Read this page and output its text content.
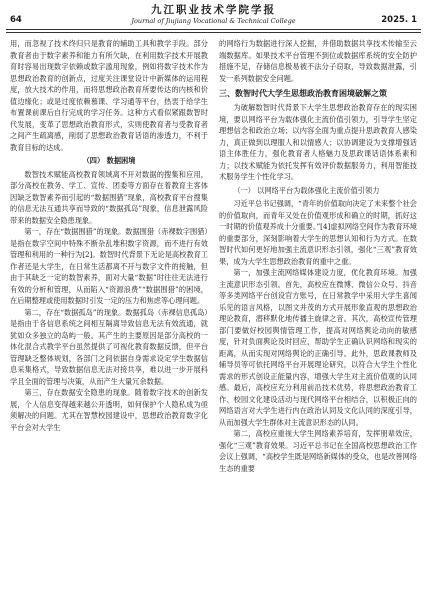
64
九江职业技术学院学报
Journal of Jiujiang Vocational & Technical College	2025. 1

用，而忽视了技术终归只是教育的辅助工具和教学手段。部分教育者由于数字素养和能力有所欠缺，在利用数字技术开展教育时容易出现数字依赖或数字滥用现象，例如将数字技术作为思想政治教育的创新点，过度关注课堂设计中新媒体的运用程度，放大技术的作用，而将思想政治教育所要传达的内核和价值边缘化；或是过度依赖慕课、学习通等平台，热衷于给学生布置课前课后自行完成的学习任务。这种方式看似紧跟数智时代发展，变革了思想政治教育形式，实则使教育者与受教育者之间产生疏离感，削弱了思想政治教育话语的渗透力，不利于教育目标的达成。

（四） 数据困境

数智技术赋能高校教育领域离不开对数据的搜集和应用，部分高校在教务、学工、宣传、团委等方面存在着教育主客体因缺乏数智素养而引起的“数据围猎”现象，高校教育平台搜集的信息无法互通共享而导致的“数据孤岛”现象，信息泄露风险带来的数据安全隐患现象。

第一，存在“数据围猎”的现象。数据围猎（赤裸数字围猎）是指在数字空间中特殊不断杂乱堆积数字资源，而不进行有效管理和利用的一种行为[2]。数智时代背景下无论是高校教育工作者还是大学生，在日常生活都离不开与数字文件的接触，但由于其缺乏一定的数智素养，面对大量“数据”时往往无法进行有效的分析和管理，从而陷入“资源浪费”“数据围猎”的困境，在后期整理或使用数据时引发一定的压力和焦虑等心理问题。

第二，存在“数据孤岛”的现象。数据孤岛（赤裸信息孤岛）是指由于各信息系统之间相互隔离导致信息无法有效流通，就犹如众多独立的岛屿一般。其产生的主要原因是部分高校的一体化混合式教学平台虽然提供了可视化教育数据反馈，但平台管理缺乏整体规划，各部门之间依据自身需求设定学生数据信息采集格式，导致数据信息无法对接共享，难以进一步开展科学且全面的管理与决策，从而产生大量冗余数据。

第三，存在数据安全隐患的现象。随着数字技术的创新发展，个人信息变得越来越公开透明，如何保护个人隐私成为亟须解决的问题。尤其在智慧校园建设中，思想政治教育数字化平台会对大学生

的网络行为数据进行深入挖掘，并借助数据共享技术传输至云端数据库。如果技术平台管理不到位或数据库系统的安全防护措施不足，存储信息极易被不法分子窃取，导致数据泄露，引发一系列数据安全问题。

三、数智时代大学生思想政治教育困境破解之策

为破解数智时代背景下大学生思想政治教育存在的现实困境，要以网络平台为载体强化主流价值引领力，引导学生坚定理想信念和政治立场；以内容全面为重点提升思政教育人感染力，真正做到以理服人和以情感人；以协调建设为支撑增强话语主体胜任力，强化教育者人格魅力及思政课话语体系素和力；以技术赋能为依托发挥有效评价数据服务力，利用智能技术服务学生个性化学习。

（一） 以网络平台为载体强化主流价值引领力

习近平总书记强调，“青年的价值取向决定了未来整个社会的价值取向，而青年又处在价值观形成和确立的时期，抓好这一时期的价值观养成十分重要。”[4]虚拟网络空间作为教育环境的重要部分，深刻影响着大学生的思想认知和行为方式。在数智时代如何更好地加强主流意识形态引领，强化“三观”教育效果，成为大学生思想政治教育的重中之重。

第一，加强主流网络媒体建设力度，优化教育环境。加强主流意识形态引领。首先，高校应在微博、微信公众号、抖音等多类网络平台创设官方账号，在日常教学中采用大学生喜闻乐见的语言风格，以图文并茂的方式开展形象直观的思想政治理论教育，潜移默化地传播主旋律之音。其次，高校宣传管理部门要做好校园舆情管理工作，提高对网络舆论动向的敏感度，针对负面舆论及时回应，帮助学生正确认识网络和现实的距离，从而实现对网络舆论的正确引导。此外，思政课教师及辅导员等可依托网络平台开展理论研究，以符合大学生个性化需求的形式创设正能量内容，增强大学生对主流价值观的认同感。最后，高校应充分利用前沿技术优势，将思想政治教育工作、校园文化建设活动与现代网络平台相结合，以积极正向的网络语言对大学生进行内在政治认同及文化认同的深度引导，从而加强大学生群体对主流意识形态的认同。

第二，高校应重视大学生网络素养培育，发挥朋辈效应，强化“三观”教育效果。习近平总书记在全国高校思想政治工作会议上强调，“高校学生既是网络新媒体的受众，也是改善网络生态的重要
